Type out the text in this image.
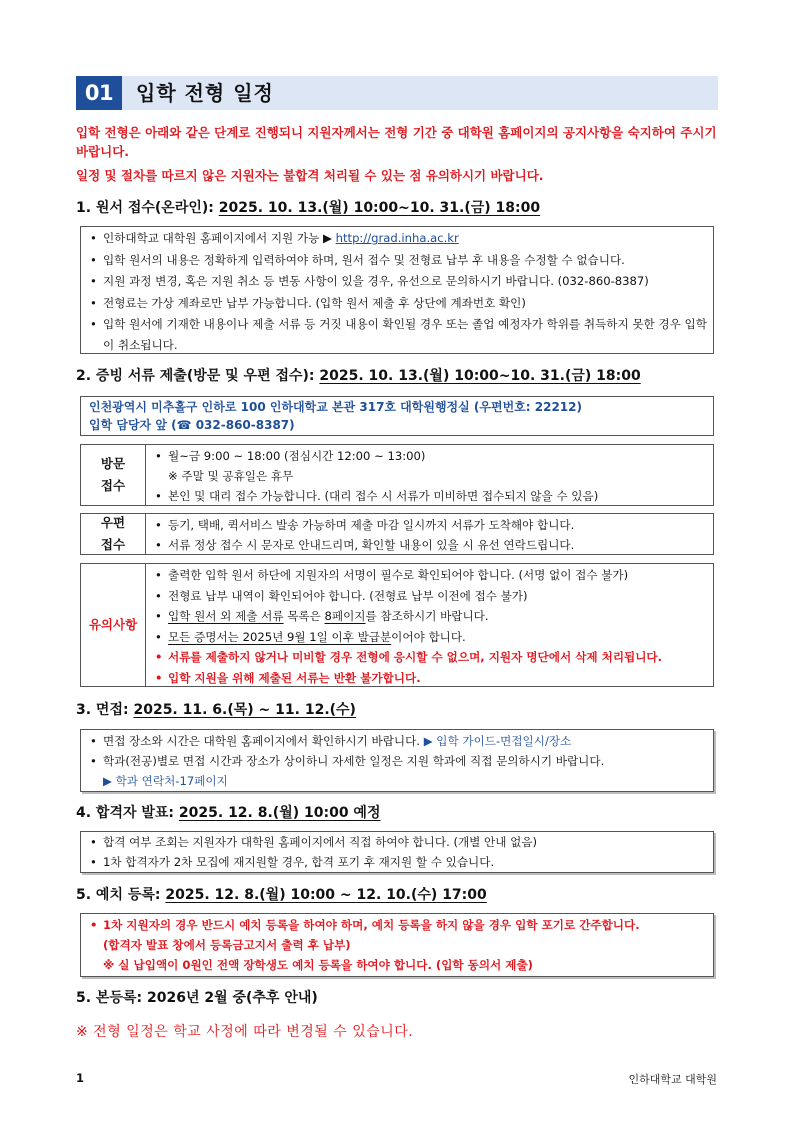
01	입학 전형 일정
입학 전형은 아래와 같은 단계로 진행되니 지원자께서는 전형 기간 중 대학원 홈페이지의 공지사항을 숙지하여 주시기 바랍니다.
일정 및 절차를 따르지 않은 지원자는 불합격 처리될 수 있는 점 유의하시기 바랍니다.
1. 원서 접수(온라인): 2025. 10. 13.(월) 10:00~10. 31.(금) 18:00
• 인하대학교 대학원 홈페이지에서 지원 가능 ▶ http://grad.inha.ac.kr
• 입학 원서의 내용은 정확하게 입력하여야 하며, 원서 접수 및 전형료 납부 후 내용을 수정할 수 없습니다.
• 지원 과정 변경, 혹은 지원 취소 등 변동 사항이 있을 경우, 유선으로 문의하시기 바랍니다. (032-860-8387)
• 전형료는 가상 계좌로만 납부 가능합니다. (입학 원서 제출 후 상단에 계좌번호 확인)
• 입학 원서에 기재한 내용이나 제출 서류 등 거짓 내용이 확인될 경우 또는 졸업 예정자가 학위를 취득하지 못한 경우 입학이 취소됩니다.
2. 증빙 서류 제출(방문 및 우편 접수): 2025. 10. 13.(월) 10:00~10. 31.(금) 18:00
인천광역시 미추홀구 인하로 100 인하대학교 본관 317호 대학원행정실 (우편번호: 22212)
입학 담당자 앞 (☎ 032-860-8387)
방문
접수
• 월~금 9:00 ~ 18:00 (점심시간 12:00 ~ 13:00)
※ 주말 및 공휴일은 휴무
• 본인 및 대리 접수 가능합니다. (대리 접수 시 서류가 미비하면 접수되지 않을 수 있음)
우편
접수
• 등기, 택배, 퀵서비스 발송 가능하며 제출 마감 일시까지 서류가 도착해야 합니다.
• 서류 정상 접수 시 문자로 안내드리며, 확인할 내용이 있을 시 유선 연락드립니다.
유의사항
• 출력한 입학 원서 하단에 지원자의 서명이 필수로 확인되어야 합니다. (서명 없이 접수 불가)
• 전형료 납부 내역이 확인되어야 합니다. (전형료 납부 이전에 접수 불가)
• 입학 원서 외 제출 서류 목록은 8페이지를 참조하시기 바랍니다.
• 모든 증명서는 2025년 9월 1일 이후 발급분이어야 합니다.
• 서류를 제출하지 않거나 미비할 경우 전형에 응시할 수 없으며, 지원자 명단에서 삭제 처리됩니다.
• 입학 지원을 위해 제출된 서류는 반환 불가합니다.
3. 면접: 2025. 11. 6.(목) ~ 11. 12.(수)
• 면접 장소와 시간은 대학원 홈페이지에서 확인하시기 바랍니다. ▶ 입학 가이드-면접일시/장소
• 학과(전공)별로 면접 시간과 장소가 상이하니 자세한 일정은 지원 학과에 직접 문의하시기 바랍니다.
▶ 학과 연락처-17페이지
4. 합격자 발표: 2025. 12. 8.(월) 10:00 예정
• 합격 여부 조회는 지원자가 대학원 홈페이지에서 직접 하여야 합니다. (개별 안내 없음)
• 1차 합격자가 2차 모집에 재지원할 경우, 합격 포기 후 재지원 할 수 있습니다.
5. 예치 등록: 2025. 12. 8.(월) 10:00 ~ 12. 10.(수) 17:00
• 1차 지원자의 경우 반드시 예치 등록을 하여야 하며, 예치 등록을 하지 않을 경우 입학 포기로 간주합니다.
(합격자 발표 창에서 등록금고지서 출력 후 납부)
※ 실 납입액이 0원인 전액 장학생도 예치 등록을 하여야 합니다. (입학 동의서 제출)
5. 본등록: 2026년 2월 중(추후 안내)
※ 전형 일정은 학교 사정에 따라 변경될 수 있습니다.
1	인하대학교 대학원
